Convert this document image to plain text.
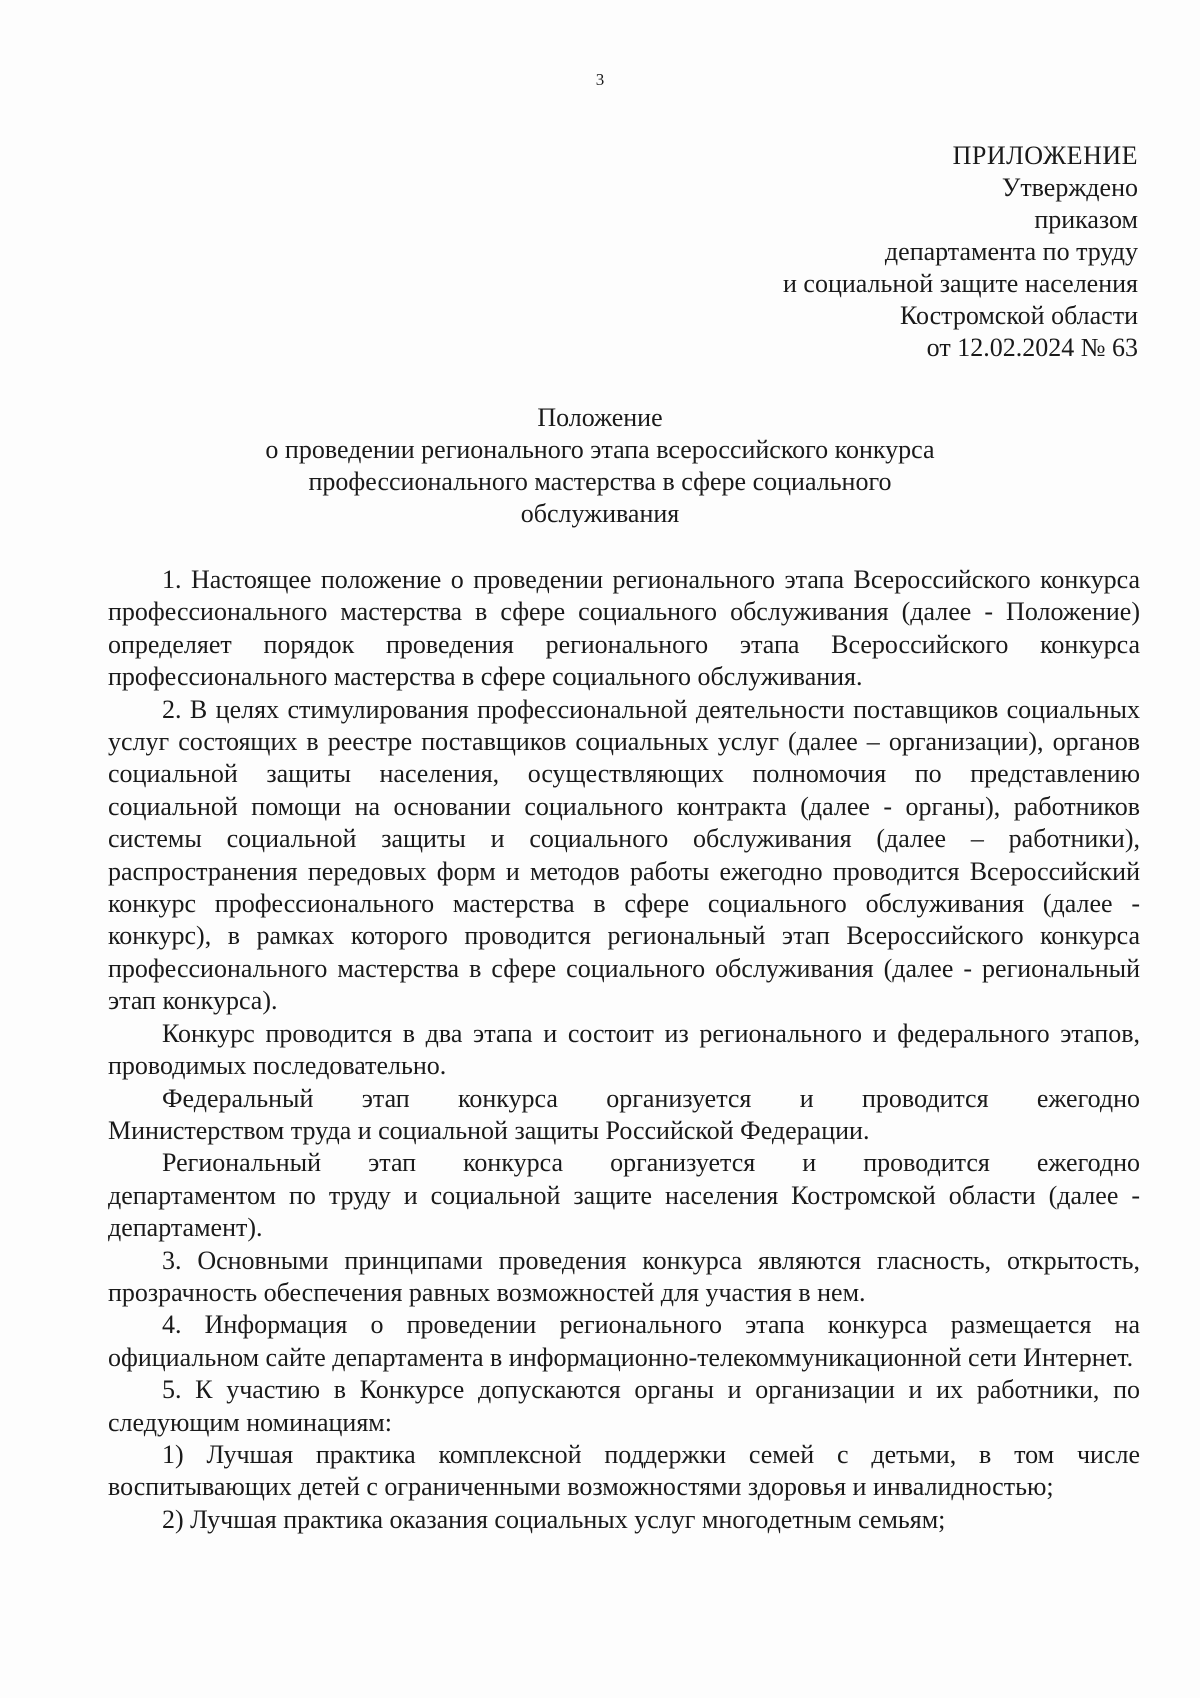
3
ПРИЛОЖЕНИЕ
Утверждено
приказом
департамента по труду
и социальной защите населения
Костромской области
от 12.02.2024 № 63
Положение
о проведении регионального этапа всероссийского конкурса
профессионального мастерства в сфере социального
обслуживания

1. Настоящее положение о проведении регионального этапа Всероссийского конкурса профессионального мастерства в сфере социального обслуживания (далее - Положение) определяет порядок проведения регионального этапа Всероссийского конкурса профессионального мастерства в сфере социального обслуживания.

2. В целях стимулирования профессиональной деятельности поставщиков социальных услуг состоящих в реестре поставщиков социальных услуг (далее – организации), органов социальной защиты населения, осуществляющих полномочия по представлению социальной помощи на основании социального контракта (далее - органы), работников системы социальной защиты и социального обслуживания (далее – работники), распространения передовых форм и методов работы ежегодно проводится Всероссийский конкурс профессионального мастерства в сфере социального обслуживания (далее - конкурс), в рамках которого проводится региональный этап Всероссийского конкурса профессионального мастерства в сфере социального обслуживания (далее - региональный этап конкурса).

Конкурс проводится в два этапа и состоит из регионального и федерального этапов, проводимых последовательно.

Федеральный этап конкурса организуется и проводится ежегодно

Министерством труда и социальной защиты Российской Федерации.

Региональный этап конкурса организуется и проводится ежегодно

департаментом по труду и социальной защите населения Костромской области (далее - департамент).

3. Основными принципами проведения конкурса являются гласность, открытость, прозрачность обеспечения равных возможностей для участия в нем.

4. Информация о проведении регионального этапа конкурса размещается на официальном сайте департамента в информационно-телекоммуникационной сети Интернет.

5. К участию в Конкурсе допускаются органы и организации и их работники, по следующим номинациям:

1) Лучшая практика комплексной поддержки семей с детьми, в том числе воспитывающих детей с ограниченными возможностями здоровья и инвалидностью;

2) Лучшая практика оказания социальных услуг многодетным семьям;
